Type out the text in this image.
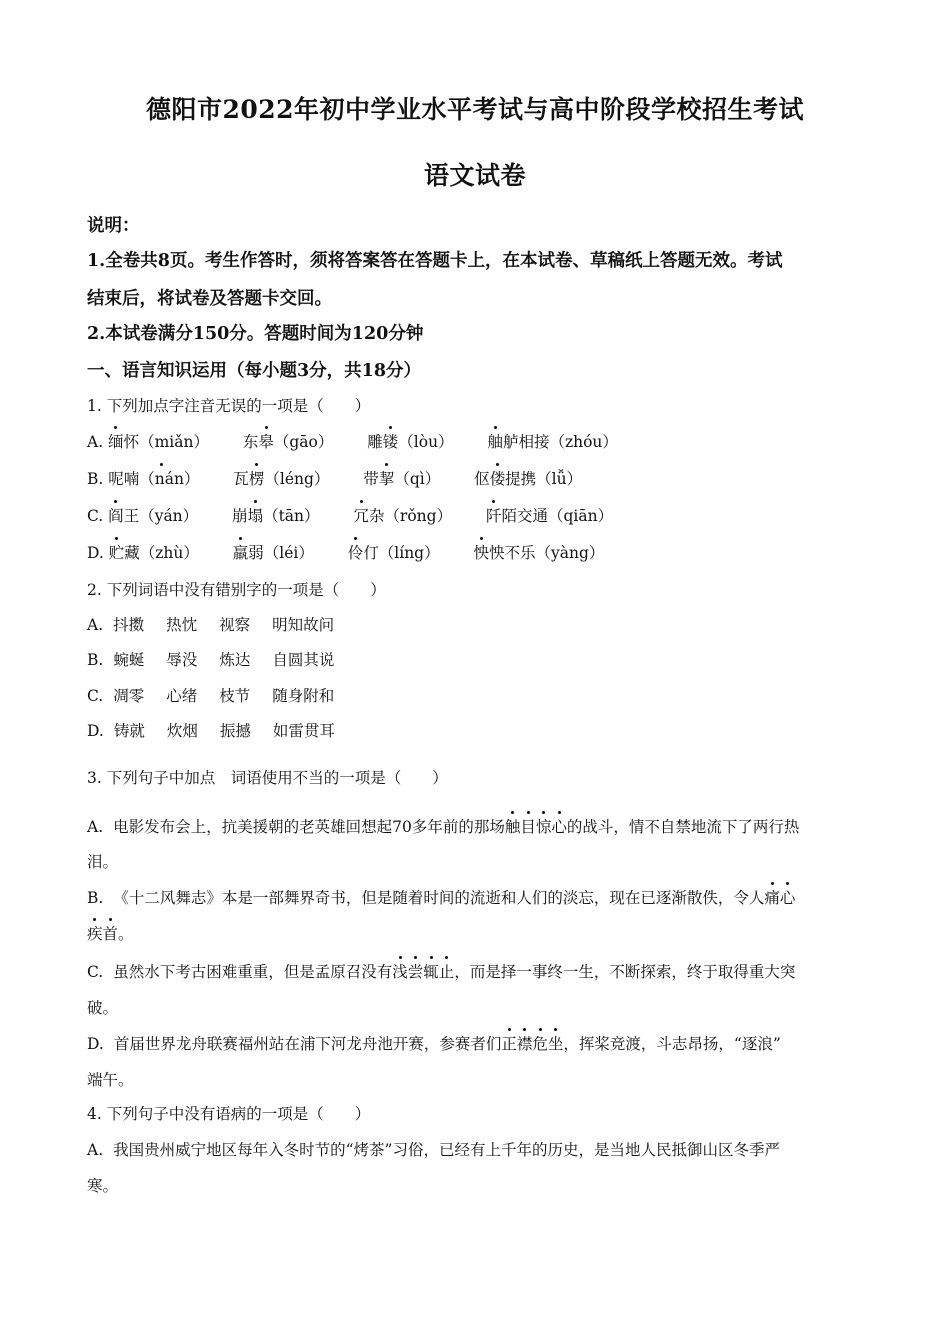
德阳市2022年初中学业水平考试与高中阶段学校招生考试
语文试卷
说明：
1.全卷共8页。考生作答时，须将答案答在答题卡上，在本试卷、草稿纸上答题无效。考试
结束后，将试卷及答题卡交回。
2.本试卷满分150分。答题时间为120分钟
一、语言知识运用（每小题3分，共18分）
1. 下列加点字注音无误的一项是（　　）
A. 缅怀（miǎn） 东皋（gāo） 雕镂（lòu） 舳舻相接（zhóu）
B. 呢喃（nán） 瓦楞（léng） 带挈（qì） 伛偻提携（lǚ）
C. 阎王（yán） 崩塌（tān） 冗杂（rǒng） 阡陌交通（qiān）
D. 贮藏（zhù） 羸弱（léi） 伶仃（líng） 怏怏不乐（yàng）
2. 下列词语中没有错别字的一项是（　　）
A. 抖擞 热忱 视察 明知故问
B. 蜿蜒 辱没 炼达 自圆其说
C. 凋零 心绪 枝节 随身附和
D. 铸就 炊烟 振撼 如雷贯耳
3. 下列句子中加点　词语使用不当的一项是（　　）
A. 电影发布会上，抗美援朝的老英雄回想起70多年前的那场触目惊心的战斗，情不自禁地流下了两行热
泪。
B. 《十二风舞志》本是一部舞界奇书，但是随着时间的流逝和人们的淡忘，现在已逐渐散佚，令人痛心
疾首。
C. 虽然水下考古困难重重，但是孟原召没有浅尝辄止，而是择一事终一生，不断探索，终于取得重大突
破。
D. 首届世界龙舟联赛福州站在浦下河龙舟池开赛，参赛者们正襟危坐，挥桨竞渡，斗志昂扬，“逐浪”
端午。
4. 下列句子中没有语病的一项是（　　）
A. 我国贵州威宁地区每年入冬时节的“烤茶”习俗，已经有上千年的历史，是当地人民抵御山区冬季严
寒。
